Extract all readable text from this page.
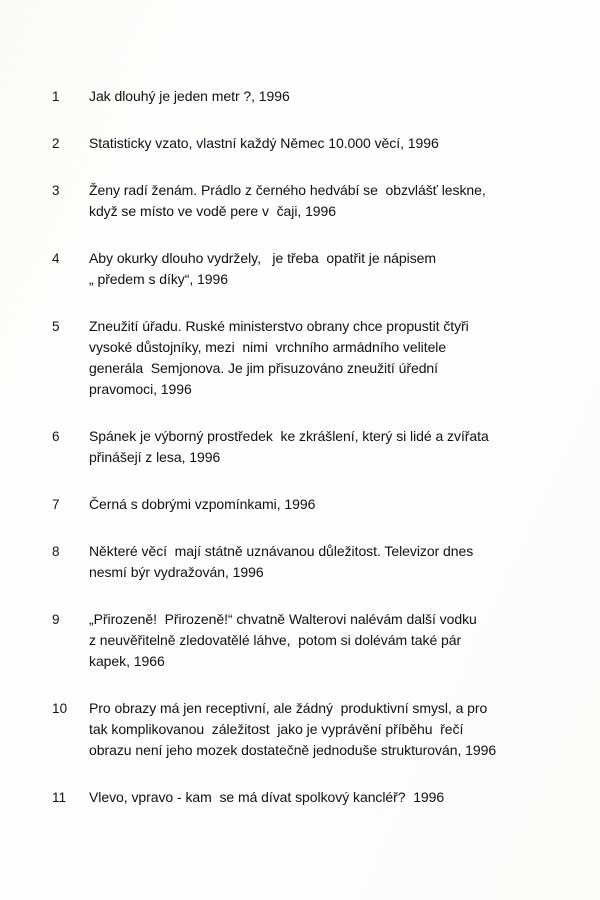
1	Jak dlouhý je jeden metr ?, 1996
2	Statisticky vzato, vlastní každý Němec 10.000 věcí, 1996
3	Ženy radí ženám. Prádlo z černého hedvábí se  obzvlášť leskne,
když se místo ve vodě pere v  čaji, 1996
4	Aby okurky dlouho vydržely,   je třeba  opatřit je nápisem
„ předem s díky“, 1996
5	Zneužití úřadu. Ruské ministerstvo obrany chce propustit čtyři
vysoké důstojníky, mezi  nimi  vrchního armádního velitele
generála  Semjonova. Je jim přisuzováno zneužití úřední
pravomoci, 1996
6	Spánek je výborný prostředek  ke zkrášlení, který si lidé a zvířata
přinášejí z lesa, 1996
7	Černá s dobrými vzpomínkami, 1996
8	Některé věcí  mají státně uznávanou důležitost. Televizor dnes
nesmí býr vydražován, 1996
9	„Přirozeně!  Přirozeně!“ chvatně Walterovi nalévám další vodku
z neuvěřitelně zledovatělé láhve,  potom si dolévám také pár
kapek, 1966
10	Pro obrazy má jen receptivní, ale žádný  produktivní smysl, a pro
tak komplikovanou  záležitost  jako je vyprávění příběhu  řečí
obrazu není jeho mozek dostatečně jednoduše strukturován, 1996
11	Vlevo, vpravo - kam  se má dívat spolkový kancléř?  1996
